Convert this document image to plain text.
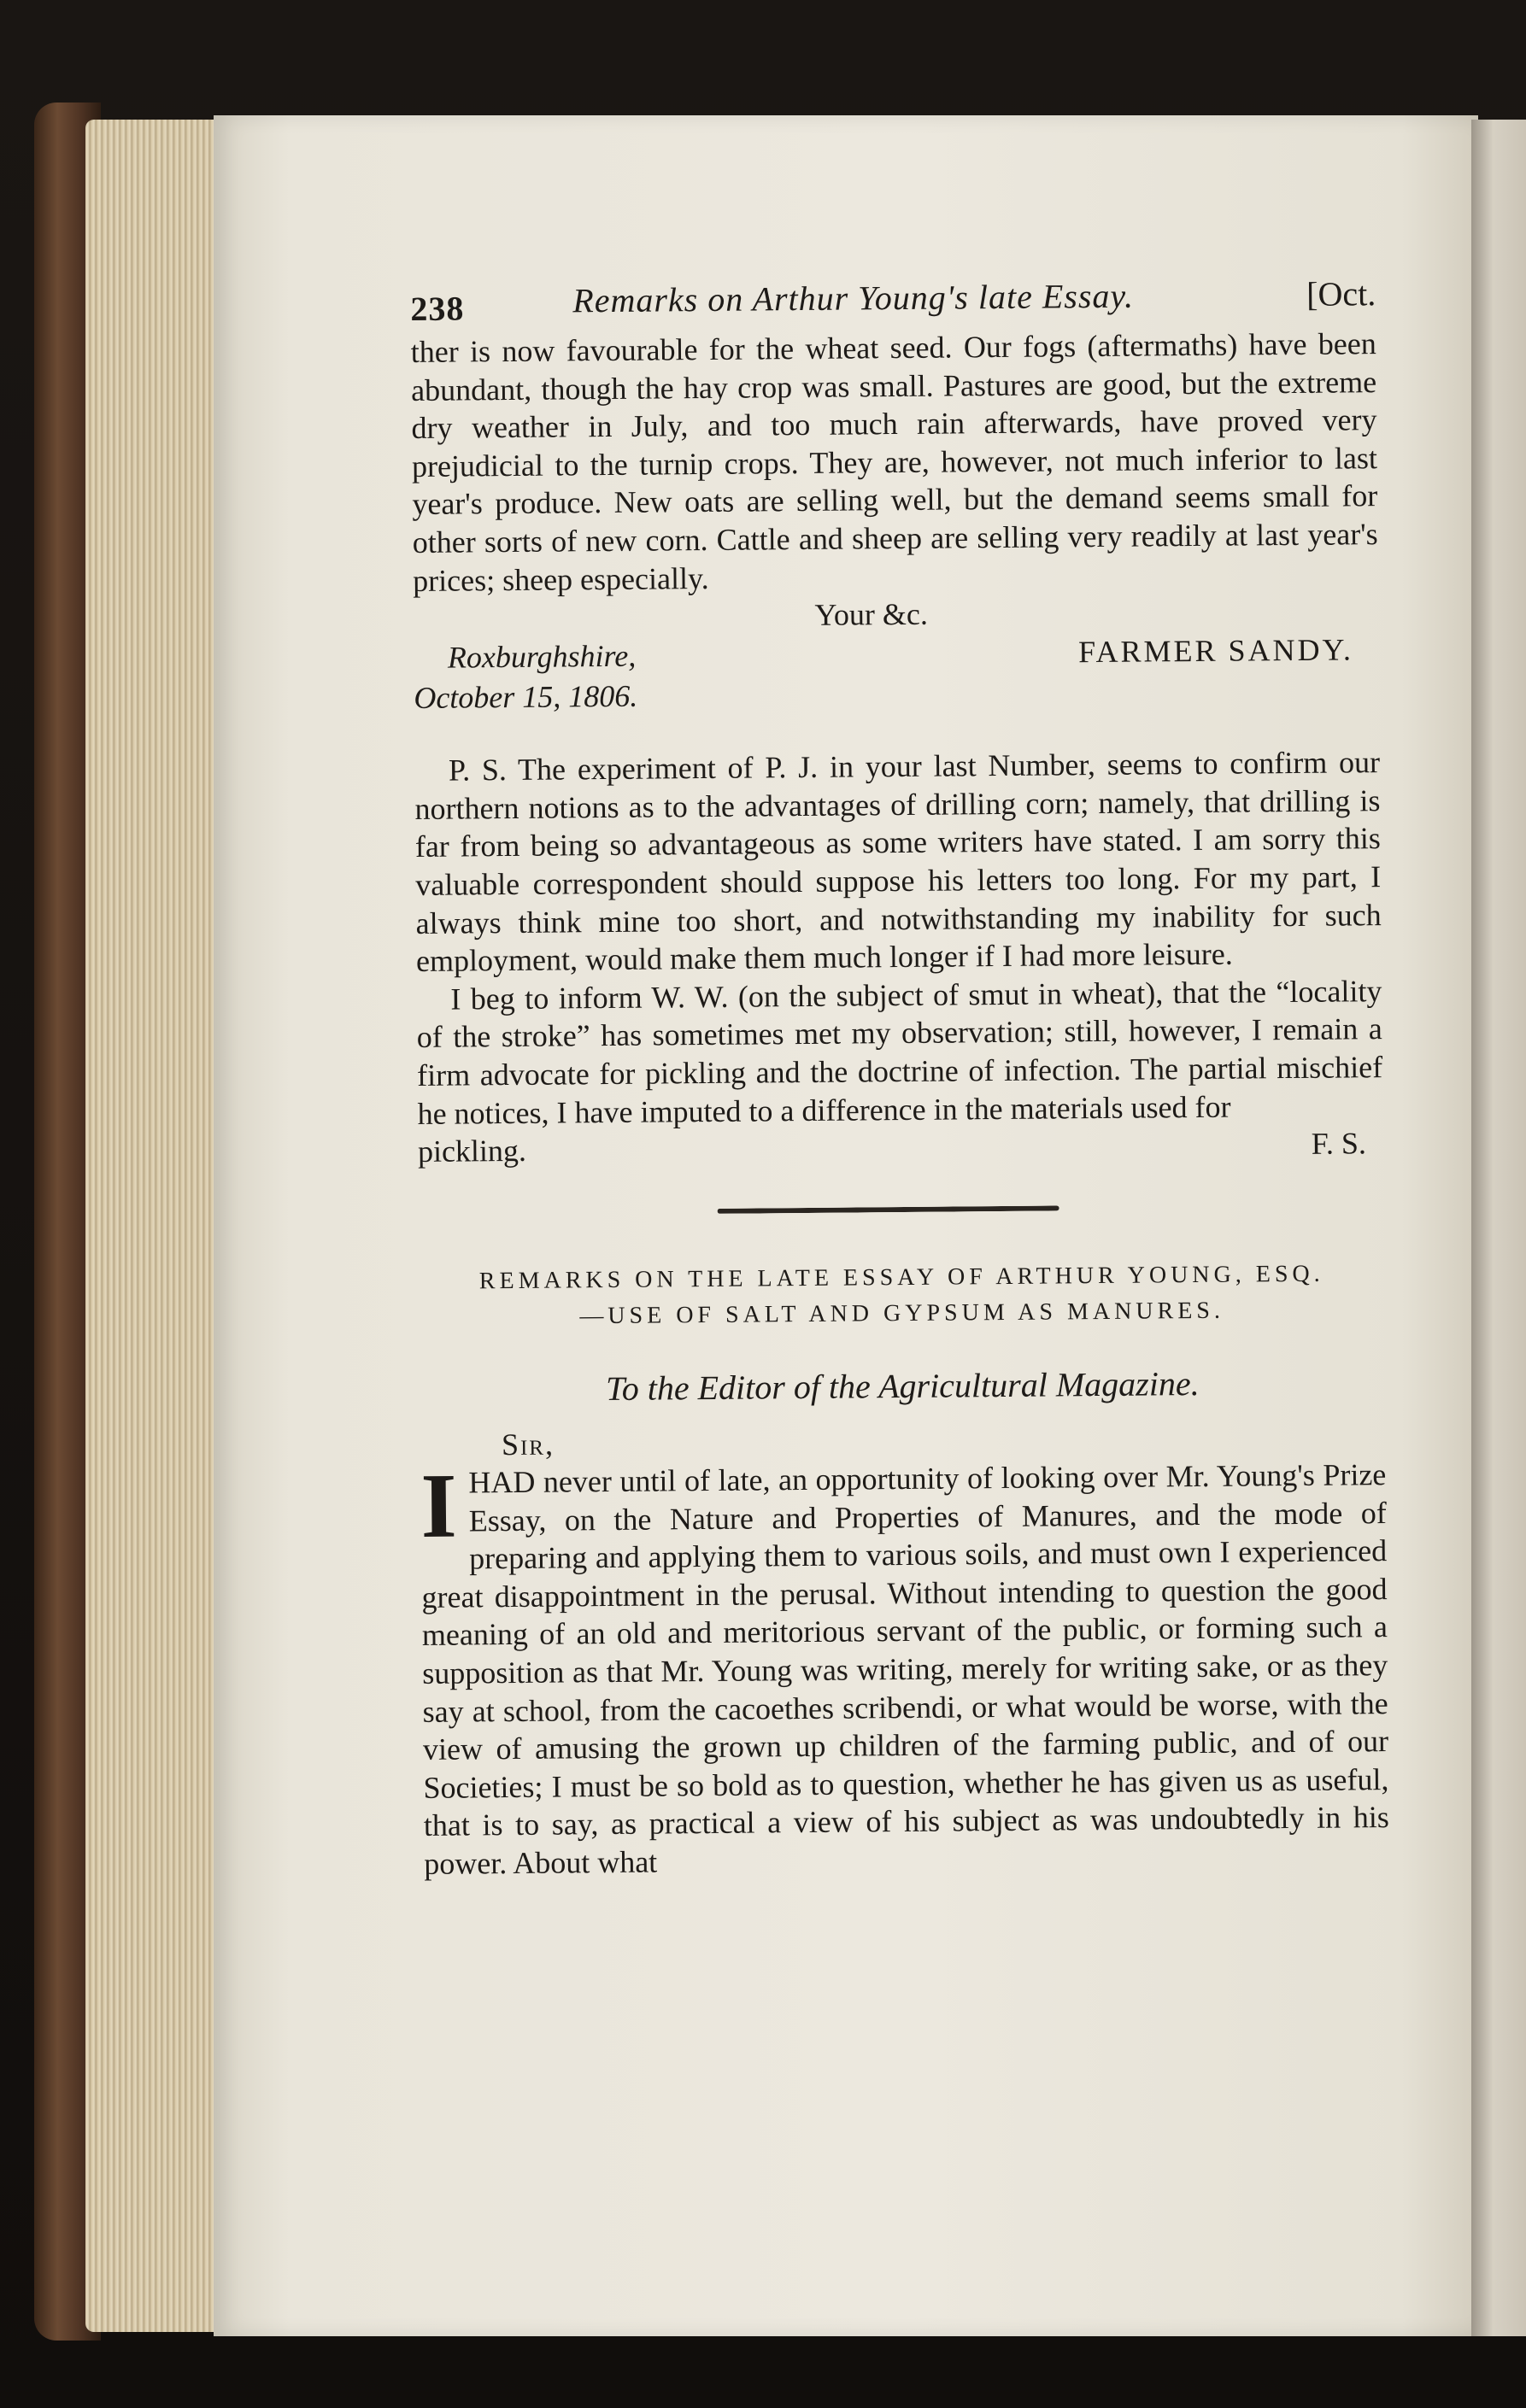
238	Remarks on Arthur Young's late Essay.	[Oct.

ther is now favourable for the wheat seed. Our fogs (aftermaths) have been abundant, though the hay crop was small. Pastures are good, but the extreme dry weather in July, and too much rain afterwards, have proved very prejudicial to the turnip crops. They are, however, not much inferior to last year's produce. New oats are selling well, but the demand seems small for other sorts of new corn. Cattle and sheep are selling very readily at last year's prices; sheep especially.

Your &c.
Roxburghshire,	FARMER SANDY.
October 15, 1806.

P. S. The experiment of P. J. in your last Number, seems to confirm our northern notions as to the advantages of drilling corn; namely, that drilling is far from being so advantageous as some writers have stated. I am sorry this valuable correspondent should suppose his letters too long. For my part, I always think mine too short, and notwithstanding my inability for such employment, would make them much longer if I had more leisure.

I beg to inform W. W. (on the subject of smut in wheat), that the “locality of the stroke” has sometimes met my observation; still, however, I remain a firm advocate for pickling and the doctrine of infection. The partial mischief he notices, I have imputed to a difference in the materials used for

pickling.	F. S.

REMARKS ON THE LATE ESSAY OF ARTHUR YOUNG, ESQ.

—USE OF SALT AND GYPSUM AS MANURES.

To the Editor of the Agricultural Magazine.
Sir,

IHAD never until of late, an opportunity of looking over Mr. Young's Prize Essay, on the Nature and Properties of Manures, and the mode of preparing and applying them to various soils, and must own I experienced great disappointment in the perusal. Without intending to question the good meaning of an old and meritorious servant of the public, or forming such a supposition as that Mr. Young was writing, merely for writing sake, or as they say at school, from the cacoethes scribendi, or what would be worse, with the view of amusing the grown up children of the farming public, and of our Societies; I must be so bold as to question, whether he has given us as useful, that is to say, as practical a view of his subject as was undoubtedly in his power. About what
